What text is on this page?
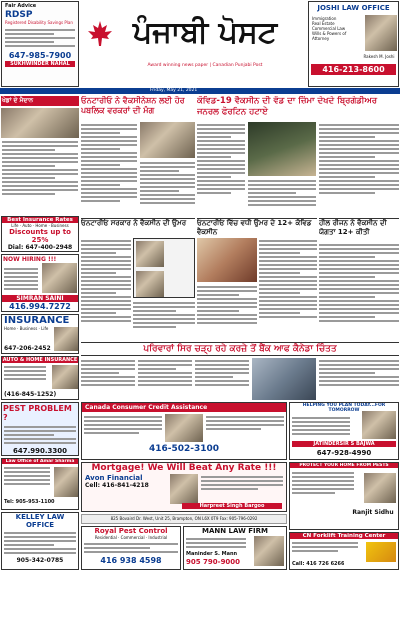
Fair Advice
RDSP
Registered Disability Savings Plan
647-985-7900
SUKHWINDER NAHAL
ਪੰਜਾਬੀ ਪੋਸਟ
Award winning news paper | Canadian Punjabi Post
JOSHI LAW OFFICE
Immigration
Real Estate
Commercial Law
Wills & Powers of Attorney
Rakesh M. Joshi
416-213-8600
Friday, May 21, 2021
ਖੇਡਾਂ ਦੇ ਮੈਦਾਨ
Best Insurance Rates
Life · Auto · Home · Business
Discounts up to 25%
Dial: 647-400-2948
NOW HIRING !!!
SIMRAN SAINI
416.994.7272
INSURANCE
Home · Business · Life
647-206-2452
AUTO & HOME INSURANCE
(416-845-1252)
PEST PROBLEM ?
647.990.3300
Law Office of Amar Sharma
Tel: 905-953-1100
KELLEY LAW OFFICE
905-342-0785
ਓਨਟਾਰੀਓ ਨੇ ਵੈਕਸੀਨੇਸ਼ਨ ਲਈ ਹੋਰ ਪਬਲਿਕ ਵਰਕਰਾਂ ਦੀ ਮੰਗ
ਕੋਵਿਡ-19 ਵੈਕਸੀਨ ਦੀ ਵੰਡ ਦਾ ਜ਼ਿੰਮਾ ਦੇਖਦੇ ਬ੍ਰਿਗੇਡੀਅਰ ਜਨਰਲ ਫੋਰਟਿਨ ਹਟਾਏ
ਓਨਟਾਰੀਓ ਸਰਕਾਰ ਨੇ ਵੈਕਸੀਨ ਦੀ ਉਮਰ	ਓਨਟਾਰੀਓ ਵਿੱਚ ਵਧੀ ਉਮਰ ਦੇ 12+ ਕੋਵਿਡ ਵੈਕਸੀਨ
ਹੀਲ ਰੀਜਨ ਨੇ ਵੈਕਸੀਨ ਦੀ ਯੋਗਤਾ 12+ ਕੀਤੀ
ਪਰਿਵਾਰਾਂ ਸਿਰ ਚੜ੍ਹ ਰਹੇ ਕਰਜ਼ੇ ਤੋਂ ਬੈਂਕ ਆਫ ਕੈਨੇਡਾ ਚਿੰਤਤ
Canada Consumer Credit Assistance
416-502-3100
HELPING YOU PLAN TODAY...FOR TOMORROW
JATINDERSIR S BAJWA
647-928-4990
Mortgage! We Will Beat Any Rate !!!
Avon Financial
Cell: 416-841-4218
Harpreet Singh Bargoo
PROTECT YOUR HOME FROM PESTS
Ranjit Sidhu
825 Bovaird Dr. West, Unit 25, Brampton, ON L6X 0T9 Fax: 905-796-0292
Royal Pest Control
Residential · Commercial · Industrial
416 938 4598
MANN LAW FIRM
Maninder S. Mann
905 790-9000
CN Forklift Training Center
Call: 416 726 6266
